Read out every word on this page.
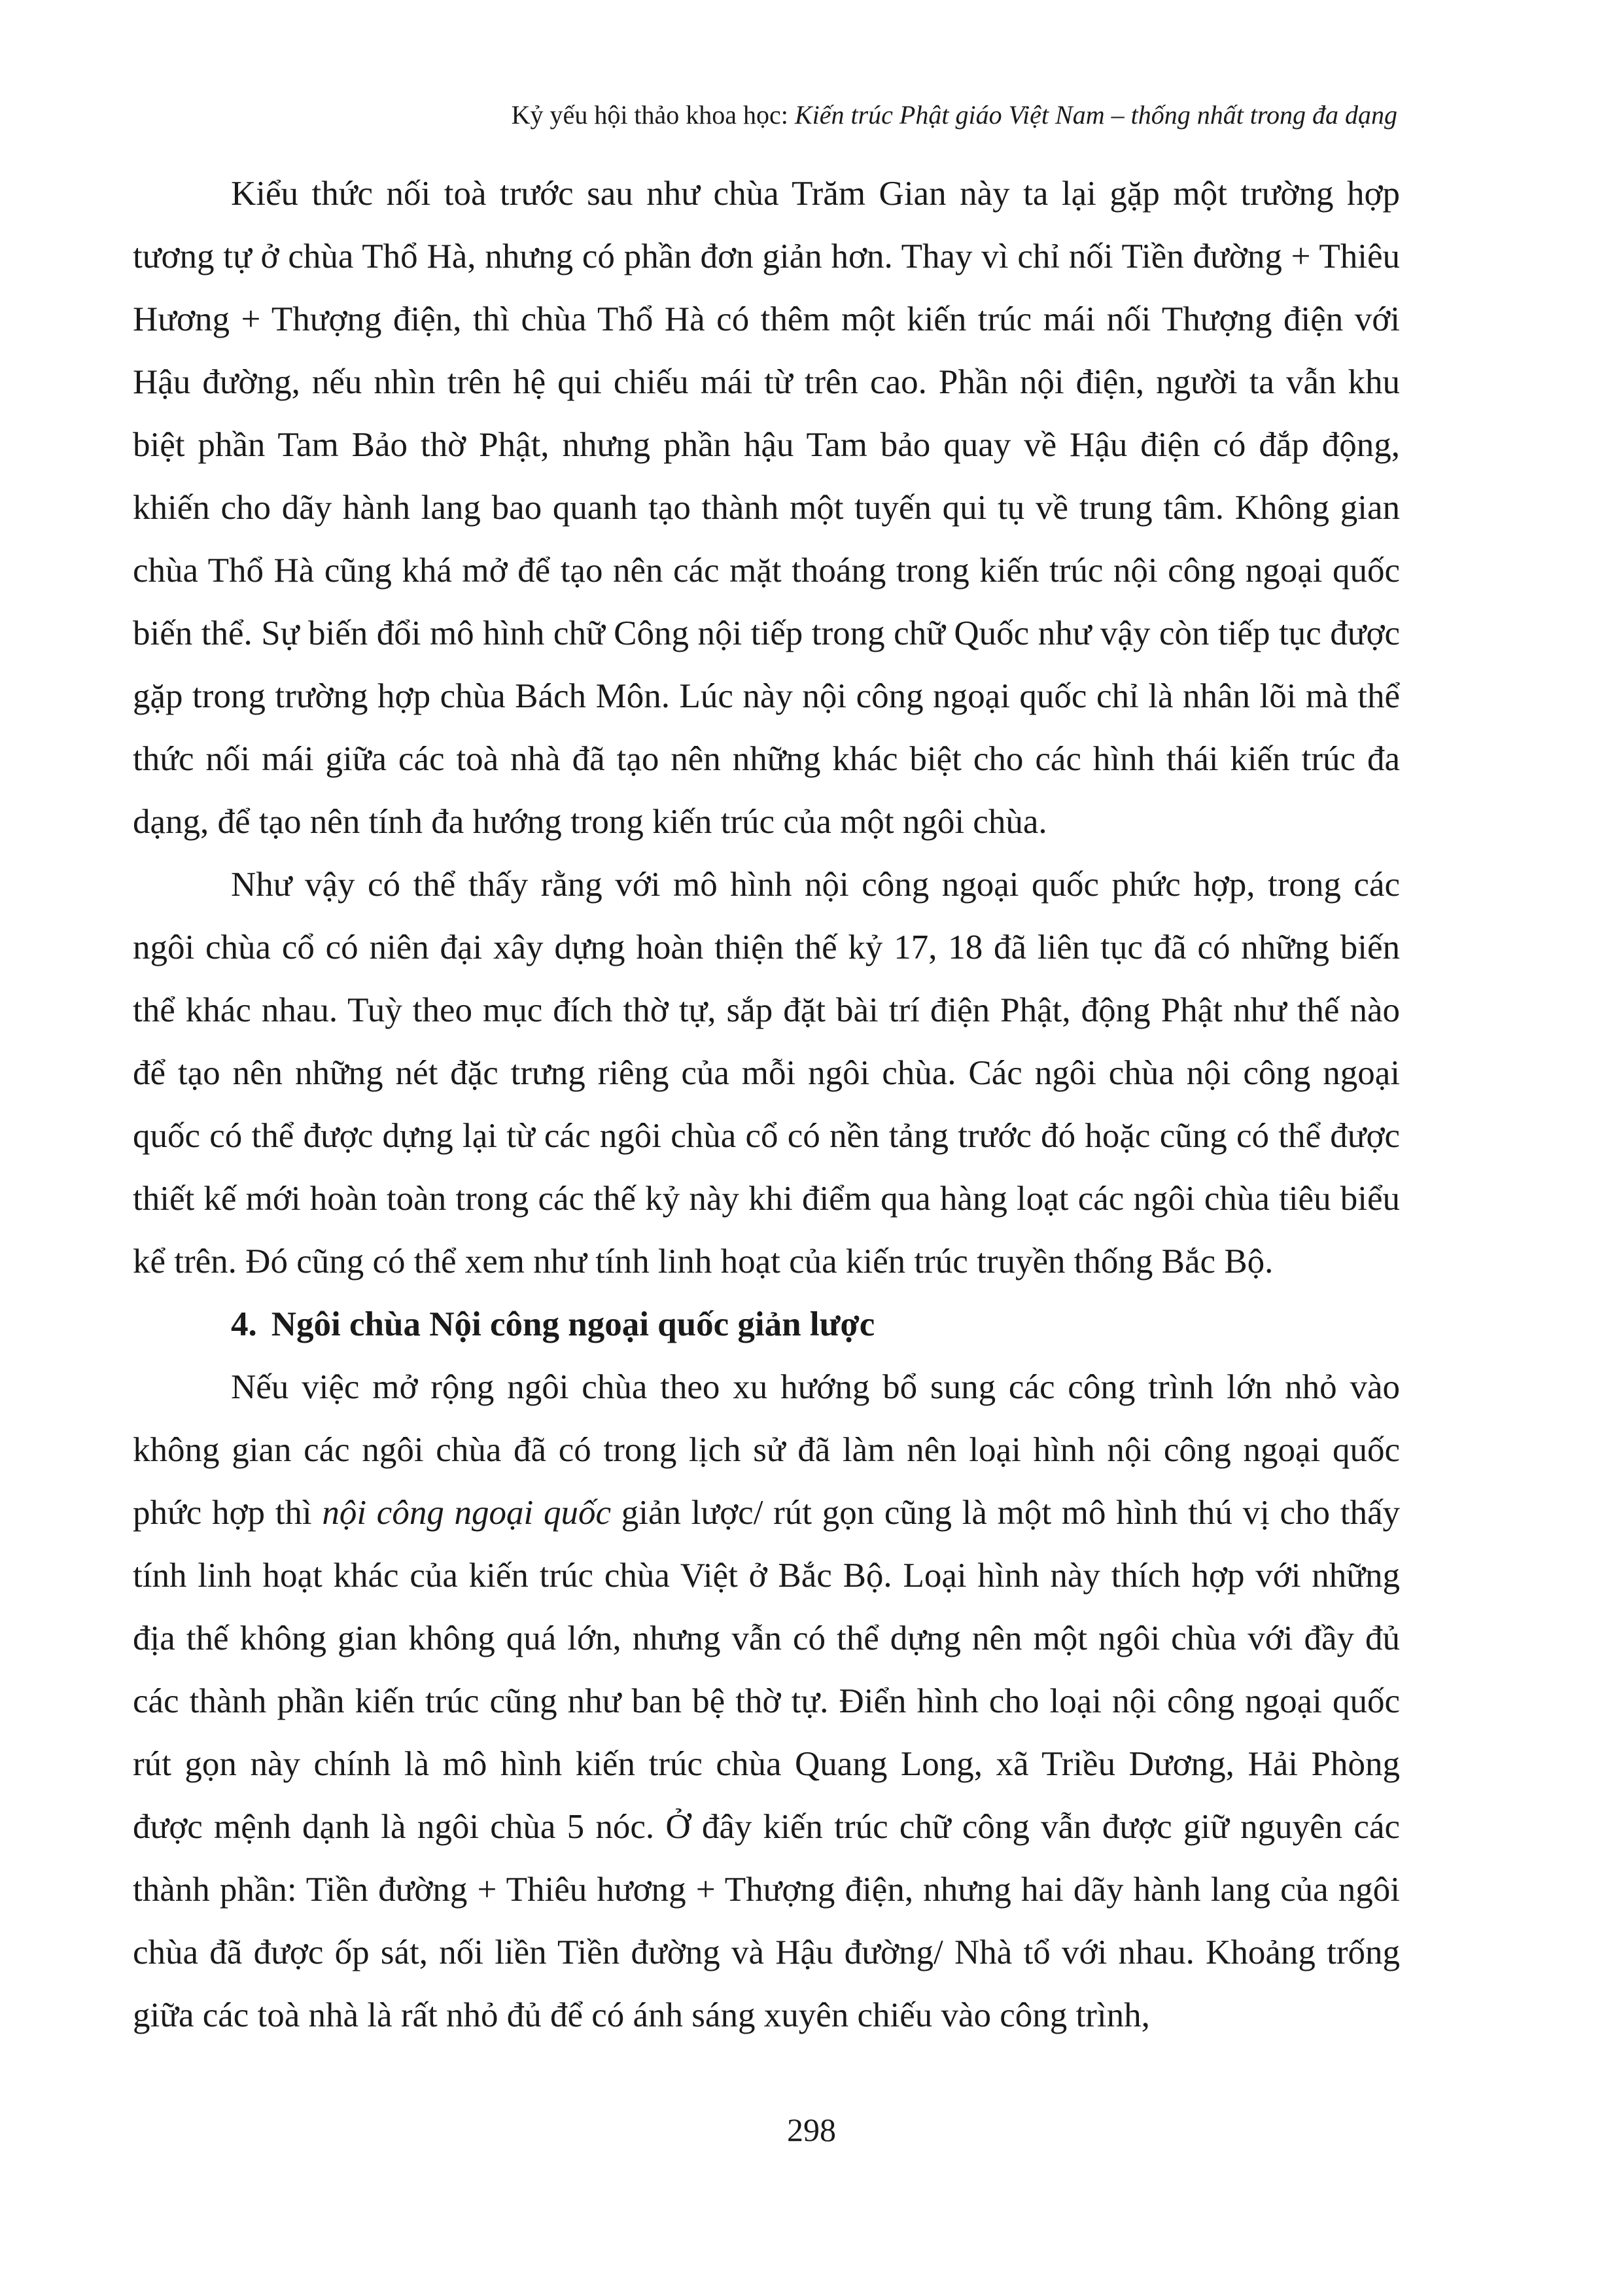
Kỷ yếu hội thảo khoa học: Kiến trúc Phật giáo Việt Nam – thống nhất trong đa dạng

Kiểu thức nối toà trước sau như chùa Trăm Gian này ta lại gặp một trường hợp tương tự ở chùa Thổ Hà, nhưng có phần đơn giản hơn. Thay vì chỉ nối Tiền đường + Thiêu Hương + Thượng điện, thì chùa Thổ Hà có thêm một kiến trúc mái nối Thượng điện với Hậu đường, nếu nhìn trên hệ qui chiếu mái từ trên cao. Phần nội điện, người ta vẫn khu biệt phần Tam Bảo thờ Phật, nhưng phần hậu Tam bảo quay về Hậu điện có đắp động, khiến cho dãy hành lang bao quanh tạo thành một tuyến qui tụ về trung tâm. Không gian chùa Thổ Hà cũng khá mở để tạo nên các mặt thoáng trong kiến trúc nội công ngoại quốc biến thể. Sự biến đổi mô hình chữ Công nội tiếp trong chữ Quốc như vậy còn tiếp tục được gặp trong trường hợp chùa Bách Môn. Lúc này nội công ngoại quốc chỉ là nhân lõi mà thể thức nối mái giữa các toà nhà đã tạo nên những khác biệt cho các hình thái kiến trúc đa dạng, để tạo nên tính đa hướng trong kiến trúc của một ngôi chùa.

Như vậy có thể thấy rằng với mô hình nội công ngoại quốc phức hợp, trong các ngôi chùa cổ có niên đại xây dựng hoàn thiện thế kỷ 17, 18 đã liên tục đã có những biến thể khác nhau. Tuỳ theo mục đích thờ tự, sắp đặt bài trí điện Phật, động Phật như thế nào để tạo nên những nét đặc trưng riêng của mỗi ngôi chùa. Các ngôi chùa nội công ngoại quốc có thể được dựng lại từ các ngôi chùa cổ có nền tảng trước đó hoặc cũng có thể được thiết kế mới hoàn toàn trong các thế kỷ này khi điểm qua hàng loạt các ngôi chùa tiêu biểu kể trên. Đó cũng có thể xem như tính linh hoạt của kiến trúc truyền thống Bắc Bộ.

4. Ngôi chùa Nội công ngoại quốc giản lược

Nếu việc mở rộng ngôi chùa theo xu hướng bổ sung các công trình lớn nhỏ vào không gian các ngôi chùa đã có trong lịch sử đã làm nên loại hình nội công ngoại quốc phức hợp thì nội công ngoại quốc giản lược/ rút gọn cũng là một mô hình thú vị cho thấy tính linh hoạt khác của kiến trúc chùa Việt ở Bắc Bộ. Loại hình này thích hợp với những địa thế không gian không quá lớn, nhưng vẫn có thể dựng nên một ngôi chùa với đầy đủ các thành phần kiến trúc cũng như ban bệ thờ tự. Điển hình cho loại nội công ngoại quốc rút gọn này chính là mô hình kiến trúc chùa Quang Long, xã Triều Dương, Hải Phòng được mệnh dạnh là ngôi chùa 5 nóc. Ở đây kiến trúc chữ công vẫn được giữ nguyên các thành phần: Tiền đường + Thiêu hương + Thượng điện, nhưng hai dãy hành lang của ngôi chùa đã được ốp sát, nối liền Tiền đường và Hậu đường/ Nhà tổ với nhau. Khoảng trống giữa các toà nhà là rất nhỏ đủ để có ánh sáng xuyên chiếu vào công trình,

298
